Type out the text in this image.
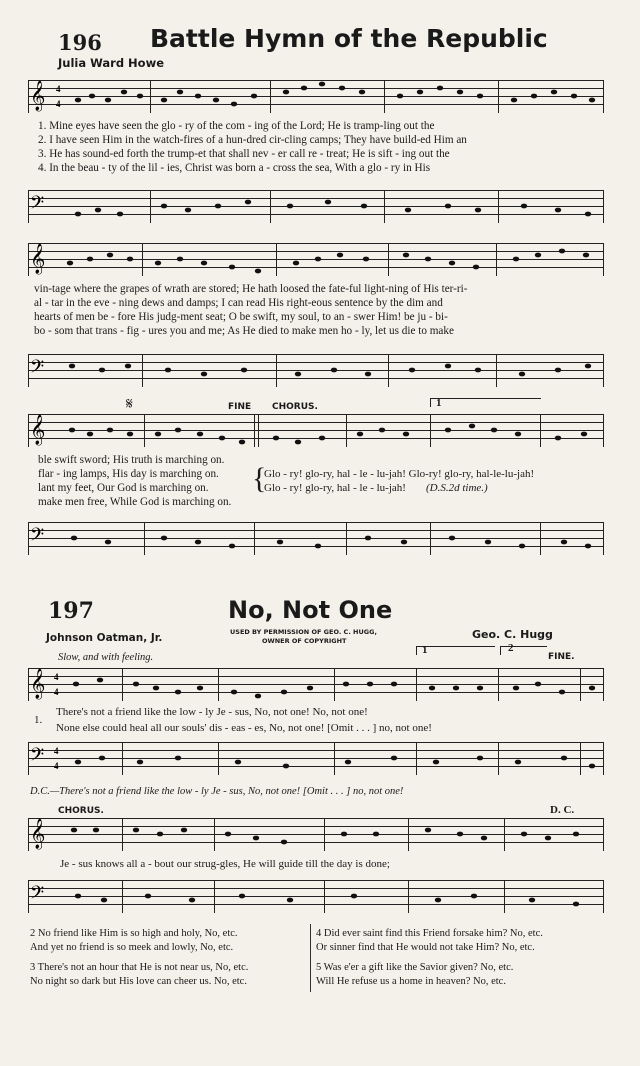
196 Battle Hymn of the Republic
Julia Ward Howe
𝄞 4
4
1. Mine eyes have seen the glo - ry of the com - ing of the Lord; He is tramp-ling out the
2. I have seen Him in the watch-fires of a hun-dred cir-cling camps; They have build-ed Him an
3. He has sound-ed forth the trump-et that shall nev - er call re - treat; He is sift - ing out the
4. In the beau - ty of the lil - ies, Christ was born a - cross the sea, With a glo - ry in His
𝄢
𝄞
vin-tage where the grapes of wrath are stored; He hath loosed the fate-ful light-ning of His ter-ri-
al - tar in the eve - ning dews and damps; I can read His right-eous sentence by the dim and
hearts of men be - fore His judg-ment seat; O be swift, my soul, to an - swer Him! be ju - bi-
bo - som that trans - fig - ures you and me; As He died to make men ho - ly, let us die to make
𝄢
𝄋	FINE CHORUS.	1
𝄞
ble swift sword; His truth is marching on.
flar - ing lamps, His day is marching on.
lant my feet, Our God is marching on.
make men free, While God is marching on.
{
Glo - ry! glo-ry, hal - le - lu-jah! Glo-ry! glo-ry, hal-le-lu-jah!
Glo - ry! glo-ry, hal - le - lu-jah! (D.S.2d time.)
𝄢
197	No, Not One
Johnson Oatman, Jr.	USED BY PERMISSION OF GEO. C. HUGG,
OWNER OF COPYRIGHT	Geo. C. Hugg
Slow, and with feeling.	FINE.
1	2
𝄞 4
4
1.
There's not a friend like the low - ly Je - sus, No, not one! No, not one!
None else could heal all our souls' dis - eas - es, No, not one! [Omit . . . ] no, not one!
𝄢 4
4
D.C.—There's not a friend like the low - ly Je - sus, No, not one! [Omit . . . ] no, not one!
CHORUS.	D. C.
𝄞
Je - sus knows all a - bout our strug-gles, He will guide till the day is done;
𝄢
2 No friend like Him is so high and holy, No, etc.
And yet no friend is so meek and lowly, No, etc.
3 There's not an hour that He is not near us, No, etc.
No night so dark but His love can cheer us. No, etc.
4 Did ever saint find this Friend forsake him? No, etc.
Or sinner find that He would not take Him? No, etc.
5 Was e'er a gift like the Savior given? No, etc.
Will He refuse us a home in heaven? No, etc.
